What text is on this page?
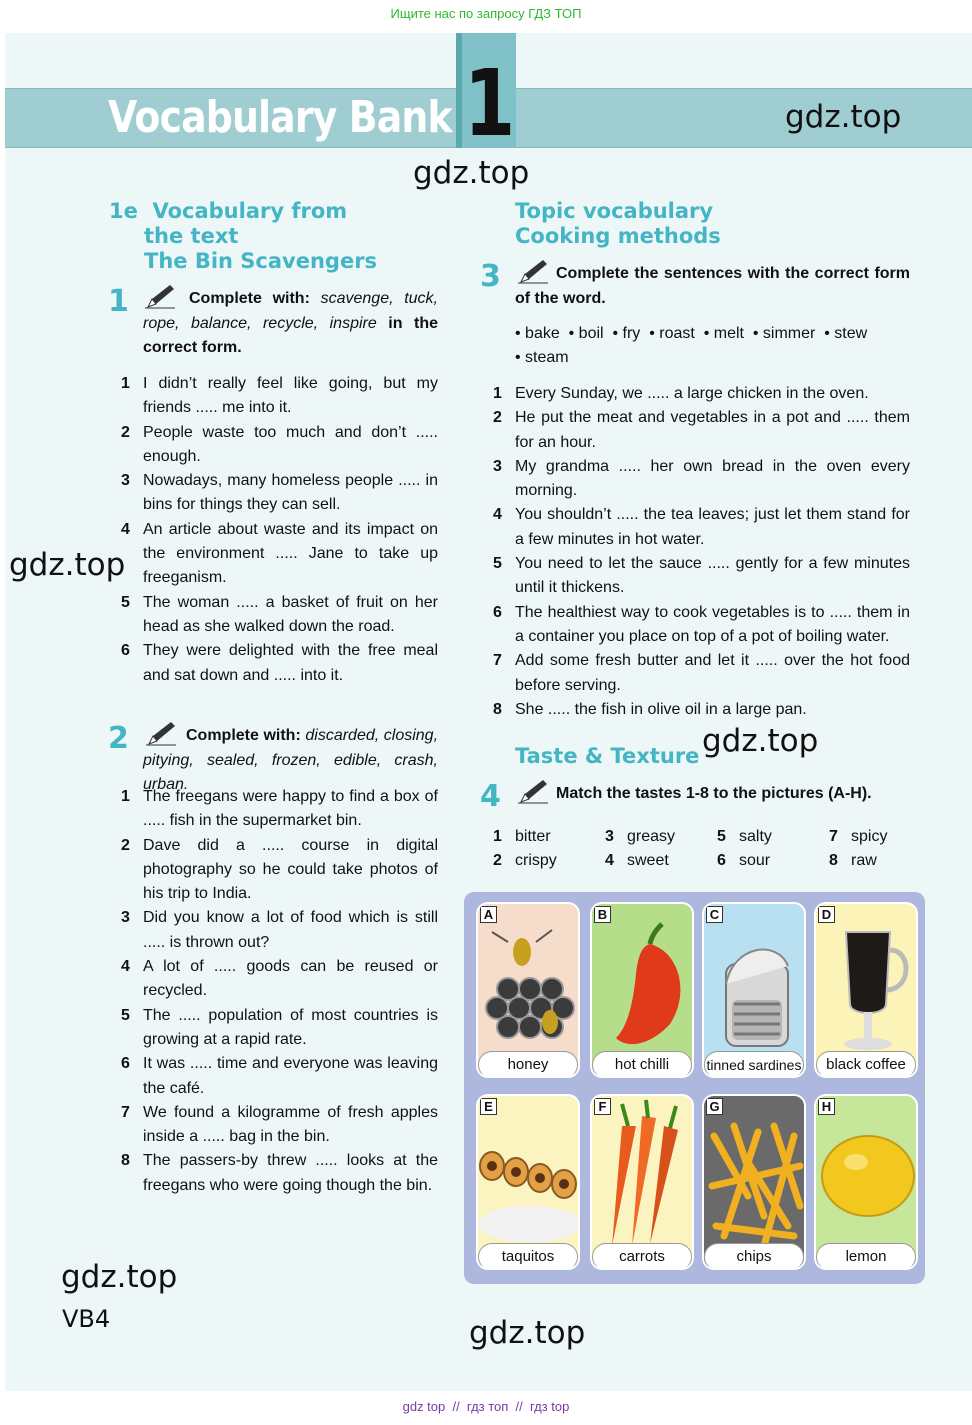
Ищите нас по запросу ГДЗ ТОП
Vocabulary Bank 1	gdz.top
gdz.top
gdz.top
gdz.top
gdz.top
gdz.top
1e Vocabulary from
the text
The Bin Scavengers
1	Complete with: scavenge, tuck, rope, balance, recycle, inspire in the correct form.
1 I didn’t really feel like going, but my friends ..... me into it.
2 People waste too much and don’t ..... enough.
3 Nowadays, many homeless people ..... in bins for things they can sell.
4 An article about waste and its impact on the environment ..... Jane to take up freeganism.
5 The woman ..... a basket of fruit on her head as she walked down the road.
6 They were delighted with the free meal and sat down and ..... into it.
2	Complete with: discarded, closing, pitying, sealed, frozen, edible, crash, urban.
1 The freegans were happy to find a box of ..... fish in the supermarket bin.
2 Dave did a ..... course in digital photography so he could take photos of his trip to India.
3 Did you know a lot of food which is still ..... is thrown out?
4 A lot of ..... goods can be reused or recycled.
5 The ..... population of most countries is growing at a rapid rate.
6 It was ..... time and everyone was leaving the café.
7 We found a kilogramme of fresh apples inside a ..... bag in the bin.
8 The passers-by threw ..... looks at the freegans who were going though the bin.
VB4
Topic vocabulary
Cooking methods
3	Complete the sentences with the correct form of the word.
• bake  • boil  • fry  • roast  • melt  • simmer  • stew
• steam
1 Every Sunday, we ..... a large chicken in the oven.
2 He put the meat and vegetables in a pot and ..... them for an hour.
3 My grandma ..... her own bread in the oven every morning.
4 You shouldn’t ..... the tea leaves; just let them stand for a few minutes in hot water.
5 You need to let the sauce ..... gently for a few minutes until it thickens.
6 The healthiest way to cook vegetables is to ..... them in a container you place on top of a pot of boiling water.
7 Add some fresh butter and let it ..... over the hot food before serving.
8 She ..... the fish in olive oil in a large pan.
Taste & Texture
4	Match the tastes 1-8 to the pictures (A-H).
1 bitter	3 greasy	5 salty	7 spicy
2 crispy	4 sweet	6 sour	8 raw
A
honey
B
hot chilli
C
tinned sardines
D
black coffee
E
taquitos
F
carrots
G
chips
H
lemon
gdz top  //  гдз топ  //  гдз top
